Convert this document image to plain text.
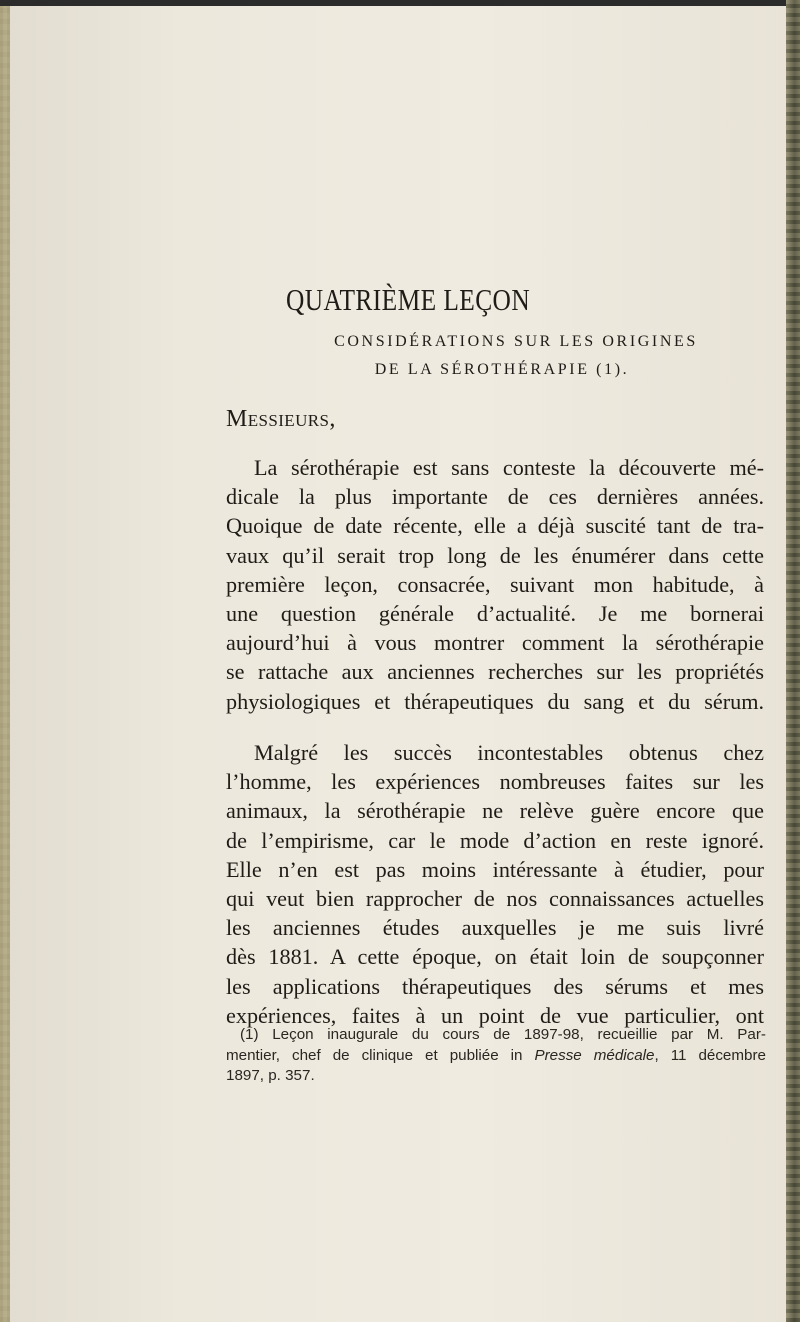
QUATRIÈME LEÇON

CONSIDÉRATIONS SUR LES ORIGINES

DE LA SÉROTHÉRAPIE (1).

Messieurs,

La sérothérapie est sans conteste la découverte mé-
dicale la plus importante de ces dernières années.
Quoique de date récente, elle a déjà suscité tant de tra-
vaux qu’il serait trop long de les énumérer dans cette
première leçon, consacrée, suivant mon habitude, à
une question générale d’actualité. Je me bornerai
aujourd’hui à vous montrer comment la sérothérapie
se rattache aux anciennes recherches sur les propriétés
physiologiques et thérapeutiques du sang et du sérum.

Malgré les succès incontestables obtenus chez
l’homme, les expériences nombreuses faites sur les
animaux, la sérothérapie ne relève guère encore que
de l’empirisme, car le mode d’action en reste ignoré.
Elle n’en est pas moins intéressante à étudier, pour
qui veut bien rapprocher de nos connaissances actuelles
les anciennes études auxquelles je me suis livré
dès 1881. A cette époque, on était loin de soupçonner
les applications thérapeutiques des sérums et mes
expériences, faites à un point de vue particulier, ont

(1) Leçon inaugurale du cours de 1897-98, recueillie par M. Par-
mentier, chef de clinique et publiée in Presse médicale, 11 décembre
1897, p. 357.
